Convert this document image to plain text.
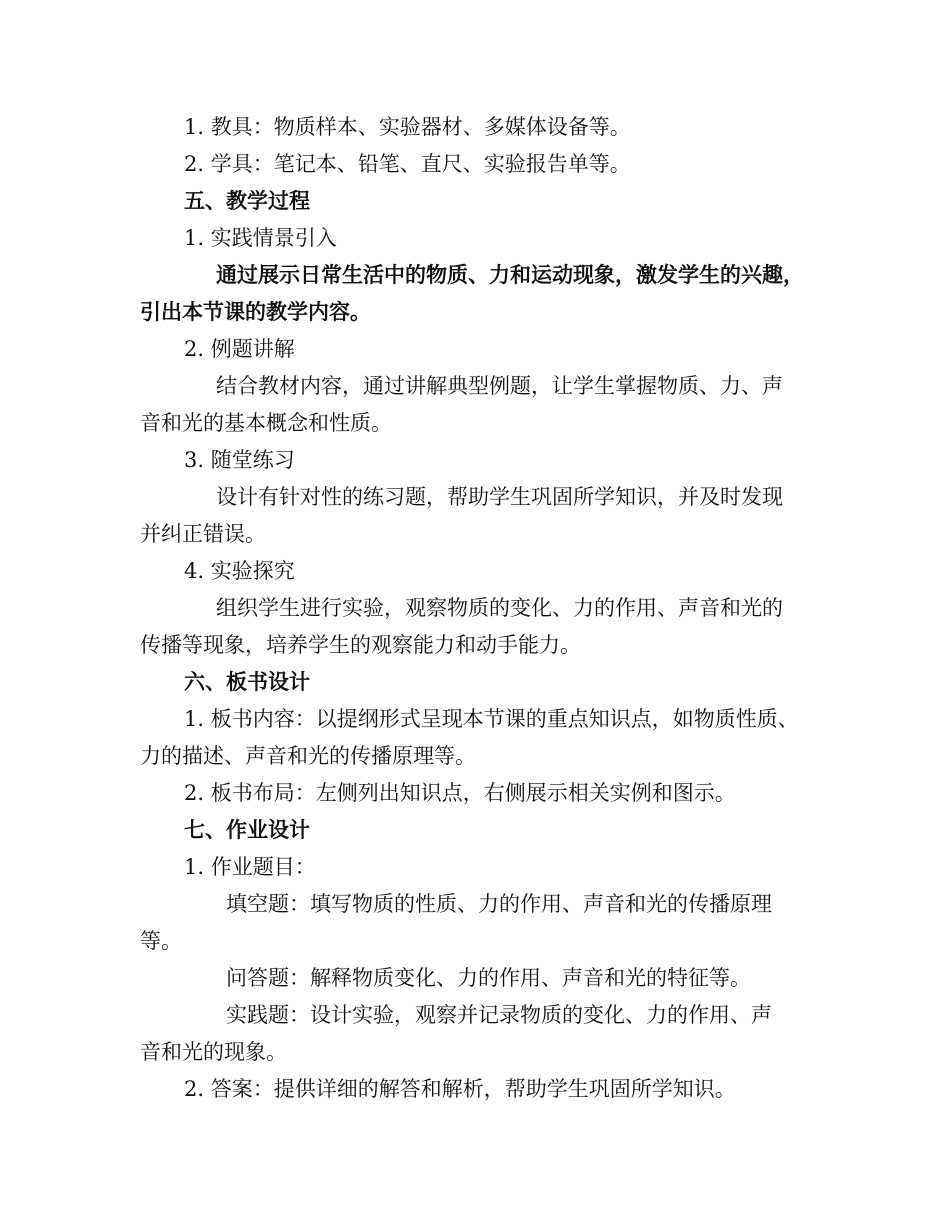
1. 教具：物质样本、实验器材、多媒体设备等。
2. 学具：笔记本、铅笔、直尺、实验报告单等。
五、教学过程
1. 实践情景引入
通过展示日常生活中的物质、力和运动现象，激发学生的兴趣，
引出本节课的教学内容。
2. 例题讲解
结合教材内容，通过讲解典型例题，让学生掌握物质、力、声
音和光的基本概念和性质。
3. 随堂练习
设计有针对性的练习题，帮助学生巩固所学知识，并及时发现
并纠正错误。
4. 实验探究
组织学生进行实验，观察物质的变化、力的作用、声音和光的
传播等现象，培养学生的观察能力和动手能力。
六、板书设计
1. 板书内容：以提纲形式呈现本节课的重点知识点，如物质性质、
力的描述、声音和光的传播原理等。
2. 板书布局：左侧列出知识点，右侧展示相关实例和图示。
七、作业设计
1. 作业题目：
填空题：填写物质的性质、力的作用、声音和光的传播原理
等。
问答题：解释物质变化、力的作用、声音和光的特征等。
实践题：设计实验，观察并记录物质的变化、力的作用、声
音和光的现象。
2. 答案：提供详细的解答和解析，帮助学生巩固所学知识。
